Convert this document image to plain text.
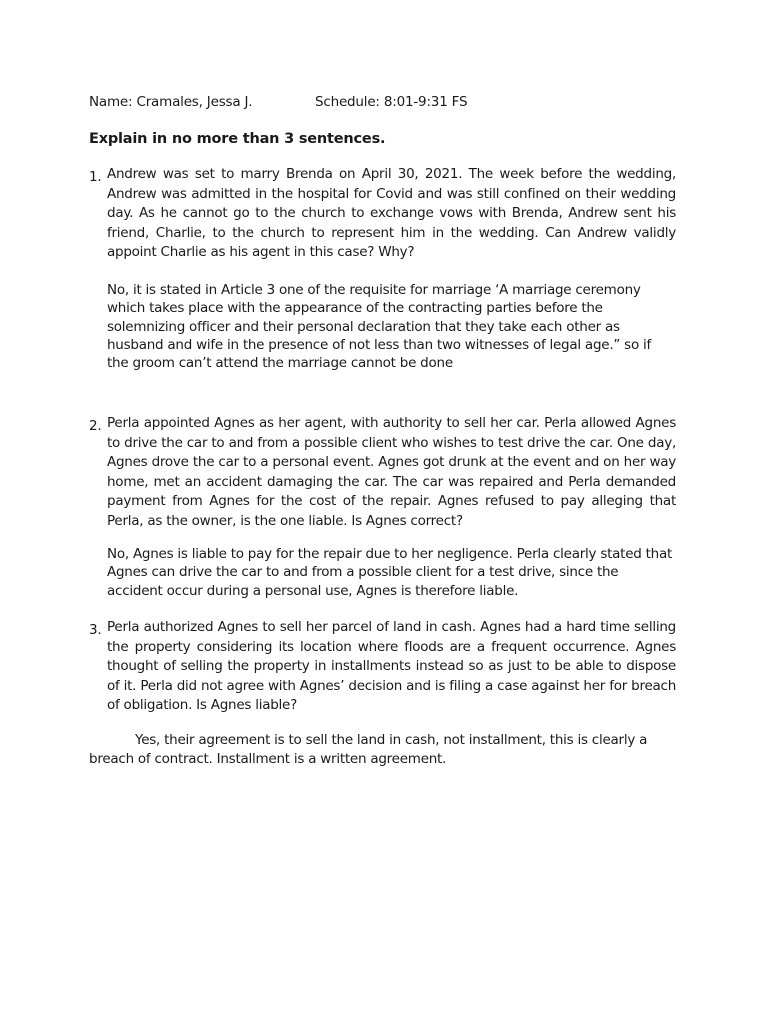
Name: Cramales, Jessa J.	Schedule: 8:01-9:31 FS
Explain in no more than 3 sentences.
1. Andrew was set to marry Brenda on April 30, 2021. The week before the wedding, Andrew was admitted in the hospital for Covid and was still confined on their wedding day. As he cannot go to the church to exchange vows with Brenda, Andrew sent his friend, Charlie, to the church to represent him in the wedding. Can Andrew validly appoint Charlie as his agent in this case? Why?
No, it is stated in Article 3 one of the requisite for marriage ‘A marriage ceremony which takes place with the appearance of the contracting parties before the solemnizing officer and their personal declaration that they take each other as husband and wife in the presence of not less than two witnesses of legal age.” so if the groom can’t attend the marriage cannot be done
2. Perla appointed Agnes as her agent, with authority to sell her car. Perla allowed Agnes to drive the car to and from a possible client who wishes to test drive the car. One day, Agnes drove the car to a personal event. Agnes got drunk at the event and on her way home, met an accident damaging the car. The car was repaired and Perla demanded payment from Agnes for the cost of the repair. Agnes refused to pay alleging that Perla, as the owner, is the one liable. Is Agnes correct?
No, Agnes is liable to pay for the repair due to her negligence. Perla clearly stated that Agnes can drive the car to and from a possible client for a test drive, since the accident occur during a personal use, Agnes is therefore liable.
3. Perla authorized Agnes to sell her parcel of land in cash. Agnes had a hard time selling the property considering its location where floods are a frequent occurrence. Agnes thought of selling the property in installments instead so as just to be able to dispose of it. Perla did not agree with Agnes’ decision and is filing a case against her for breach of obligation. Is Agnes liable?
Yes, their agreement is to sell the land in cash, not installment, this is clearly a breach of contract. Installment is a written agreement.
